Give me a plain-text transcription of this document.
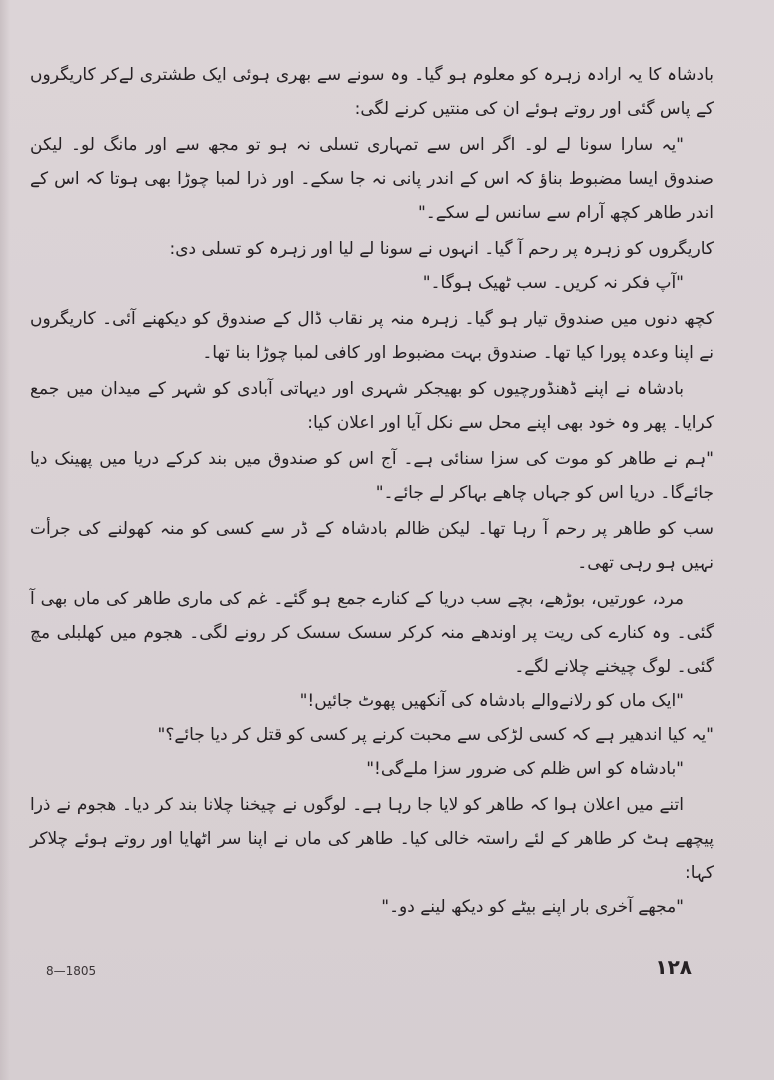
بادشاہ کا یہ ارادہ زہرہ کو معلوم ہو گیا۔ وہ سونے سے بھری ہوئی ایک طشتری لےکر کاریگروں کے پاس گئی اور روتے ہوئے ان کی منتیں کرنے لگی:

"یہ سارا سونا لے لو۔ اگر اس سے تمہاری تسلی نہ ہو تو مجھ سے اور مانگ لو۔ لیکن صندوق ایسا مضبوط بناؤ کہ اس کے اندر پانی نہ جا سکے۔ اور ذرا لمبا چوڑا بھی ہوتا کہ اس کے اندر طاھر کچھ آرام سے سانس لے سکے۔"

کاریگروں کو زہرہ پر رحم آ گیا۔ انہوں نے سونا لے لیا اور زہرہ کو تسلی دی:

"آپ فکر نہ کریں۔ سب ٹھیک ہوگا۔"

کچھ دنوں میں صندوق تیار ہو گیا۔ زہرہ منہ پر نقاب ڈال کے صندوق کو دیکھنے آئی۔ کاریگروں نے اپنا وعدہ پورا کیا تھا۔ صندوق بہت مضبوط اور کافی لمبا چوڑا بنا تھا۔

بادشاہ نے اپنے ڈھنڈورچیوں کو بھیجکر شہری اور دیہاتی آبادی کو شہر کے میدان میں جمع کرایا۔ پھر وہ خود بھی اپنے محل سے نکل آیا اور اعلان کیا:

"ہم نے طاھر کو موت کی سزا سنائی ہے۔ آج اس کو صندوق میں بند کرکے دریا میں پھینک دیا جائےگا۔ دریا اس کو جہاں چاھے بہاکر لے جائے۔"

سب کو طاھر پر رحم آ رہا تھا۔ لیکن ظالم بادشاہ کے ڈر سے کسی کو منہ کھولنے کی جرأت نہیں ہو رہی تھی۔

مرد، عورتیں، بوڑھے، بچے سب دریا کے کنارے جمع ہو گئے۔ غم کی ماری طاھر کی ماں بھی آ گئی۔ وہ کنارے کی ریت پر اوندھے منہ کرکر سسک سسک کر رونے لگی۔ ھجوم میں کھلبلی مچ گئی۔ لوگ چیخنے چلانے لگے۔

"ایک ماں کو رلانےوالے بادشاہ کی آنکھیں پھوٹ جائیں!"

"یہ کیا اندھیر ہے کہ کسی لڑکی سے محبت کرنے پر کسی کو قتل کر دیا جائے؟"

"بادشاہ کو اس ظلم کی ضرور سزا ملےگی!"

اتنے میں اعلان ہوا کہ طاھر کو لایا جا رہا ہے۔ لوگوں نے چیخنا چلانا بند کر دیا۔ ھجوم نے ذرا پیچھے ہٹ کر طاھر کے لئے راستہ خالی کیا۔ طاھر کی ماں نے اپنا سر اٹھایا اور روتے ہوئے چلاکر کہا:

"مجھے آخری بار اپنے بیٹے کو دیکھ لینے دو۔"

۱۲۸
8—1805
